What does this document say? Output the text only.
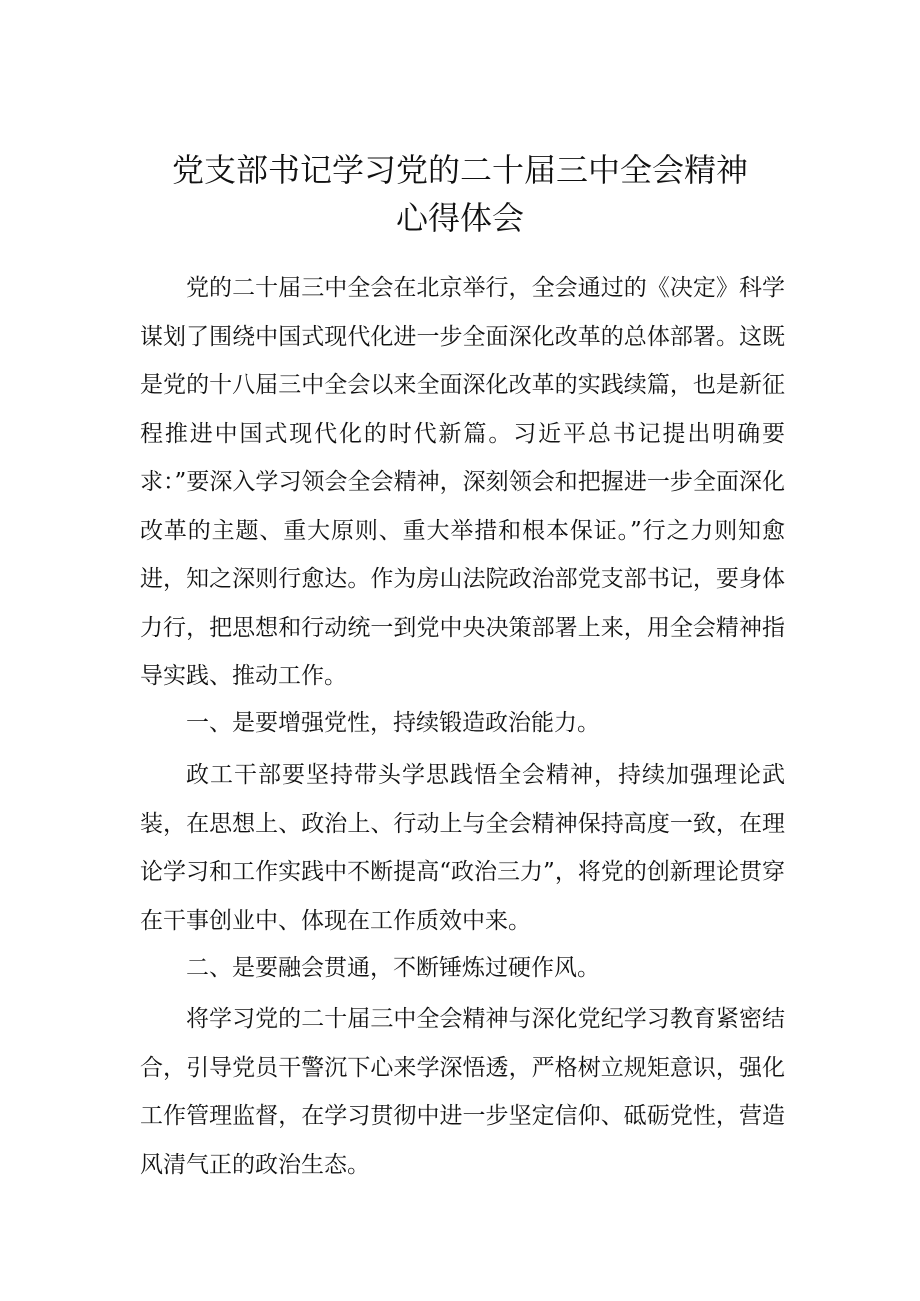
党支部书记学习党的二十届三中全会精神
心得体会

党的二十届三中全会在北京举行，全会通过的《决定》科学谋划了围绕中国式现代化进一步全面深化改革的总体部署。这既是党的十八届三中全会以来全面深化改革的实践续篇，也是新征程推进中国式现代化的时代新篇。习近平总书记提出明确要求：”要深入学习领会全会精神，深刻领会和把握进一步全面深化改革的主题、重大原则、重大举措和根本保证。”行之力则知愈进，知之深则行愈达。作为房山法院政治部党支部书记，要身体力行，把思想和行动统一到党中央决策部署上来，用全会精神指导实践、推动工作。

一、是要增强党性，持续锻造政治能力。

政工干部要坚持带头学思践悟全会精神，持续加强理论武装，在思想上、政治上、行动上与全会精神保持高度一致，在理论学习和工作实践中不断提高“政治三力”，将党的创新理论贯穿在干事创业中、体现在工作质效中来。

二、是要融会贯通，不断锤炼过硬作风。

将学习党的二十届三中全会精神与深化党纪学习教育紧密结合，引导党员干警沉下心来学深悟透，严格树立规矩意识，强化工作管理监督，在学习贯彻中进一步坚定信仰、砥砺党性，营造风清气正的政治生态。
